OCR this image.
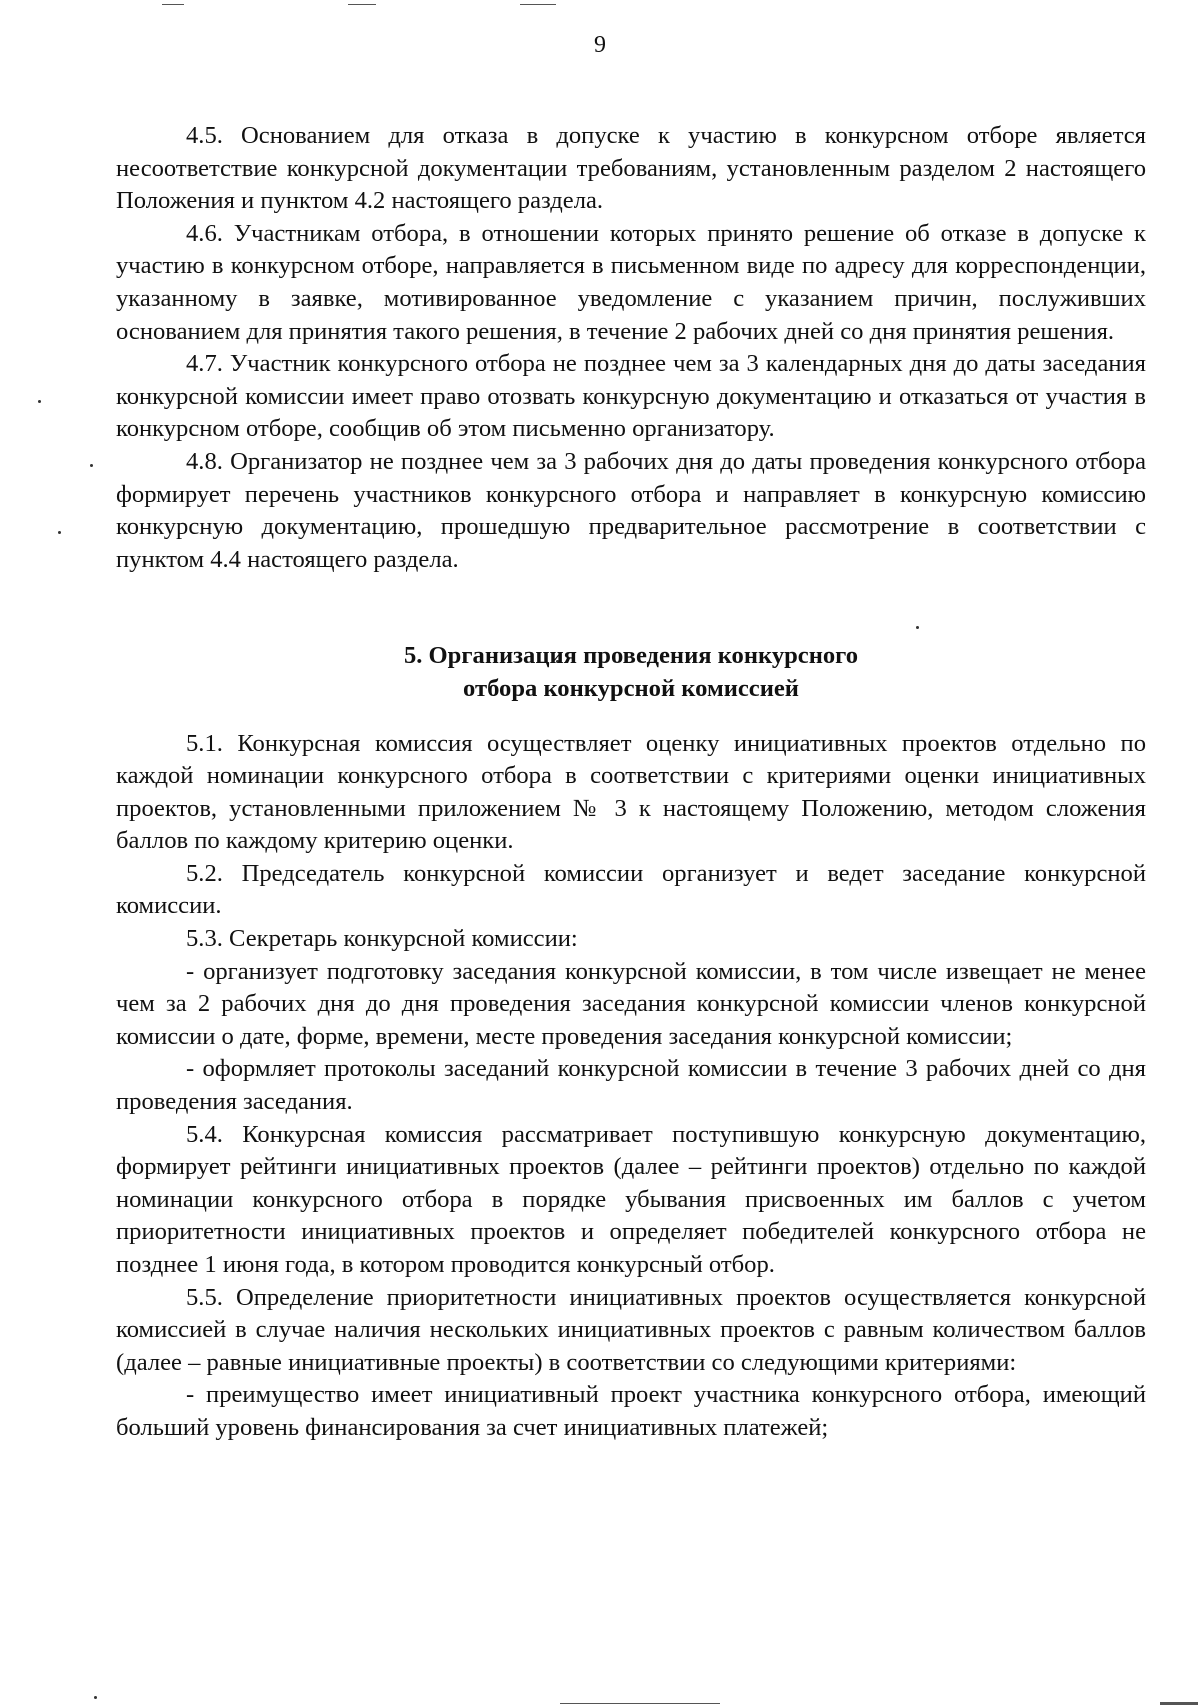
9

4.5. Основанием для отказа в допуске к участию в конкурсном отборе является несоответствие конкурсной документации требованиям, установленным разделом 2 настоящего Положения и пунктом 4.2 настоящего раздела.

4.6. Участникам отбора, в отношении которых принято решение об отказе в допуске к участию в конкурсном отборе, направляется в письменном виде по адресу для корреспонденции, указанному в заявке, мотивированное уведомление с указанием причин, послуживших основанием для принятия такого решения, в течение 2 рабочих дней со дня принятия решения.

4.7. Участник конкурсного отбора не позднее чем за 3 календарных дня до даты заседания конкурсной комиссии имеет право отозвать конкурсную документацию и отказаться от участия в конкурсном отборе, сообщив об этом письменно организатору.

4.8. Организатор не позднее чем за 3 рабочих дня до даты проведения конкурсного отбора формирует перечень участников конкурсного отбора и направляет в конкурсную комиссию конкурсную документацию, прошедшую предварительное рассмотрение в соответствии с пунктом 4.4 настоящего раздела.

5. Организация проведения конкурсного
отбора конкурсной комиссией

5.1. Конкурсная комиссия осуществляет оценку инициативных проектов отдельно по каждой номинации конкурсного отбора в соответствии с критериями оценки инициативных проектов, установленными приложением № 3 к настоящему Положению, методом сложения баллов по каждому критерию оценки.

5.2. Председатель конкурсной комиссии организует и ведет заседание конкурсной комиссии.

5.3. Секретарь конкурсной комиссии:

- организует подготовку заседания конкурсной комиссии, в том числе извещает не менее чем за 2 рабочих дня до дня проведения заседания конкурсной комиссии членов конкурсной комиссии о дате, форме, времени, месте проведения заседания конкурсной комиссии;

- оформляет протоколы заседаний конкурсной комиссии в течение 3 рабочих дней со дня проведения заседания.

5.4. Конкурсная комиссия рассматривает поступившую конкурсную документацию, формирует рейтинги инициативных проектов (далее – рейтинги проектов) отдельно по каждой номинации конкурсного отбора в порядке убывания присвоенных им баллов с учетом приоритетности инициативных проектов и определяет победителей конкурсного отбора не позднее 1 июня года, в котором проводится конкурсный отбор.

5.5. Определение приоритетности инициативных проектов осуществляется конкурсной комиссией в случае наличия нескольких инициативных проектов с равным количеством баллов (далее – равные инициативные проекты) в соответствии со следующими критериями:

- преимущество имеет инициативный проект участника конкурсного отбора, имеющий больший уровень финансирования за счет инициативных платежей;
